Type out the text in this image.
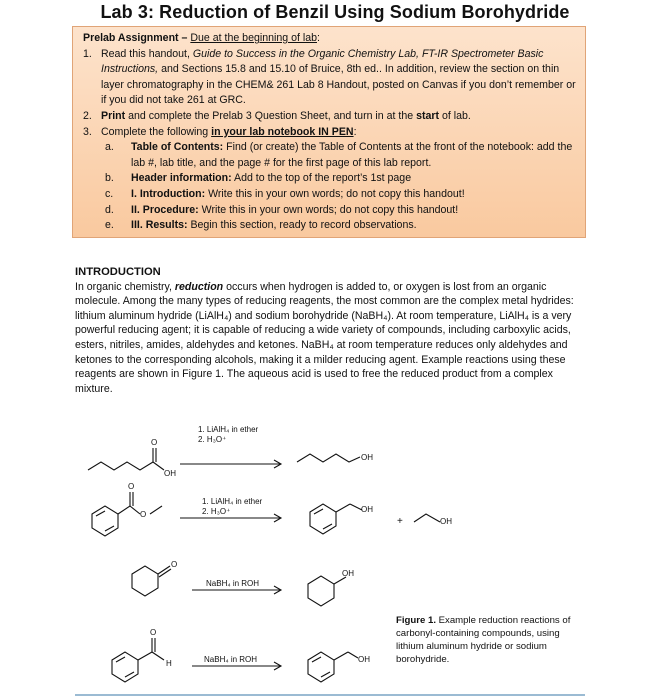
Lab 3: Reduction of Benzil Using Sodium Borohydride
Prelab Assignment – Due at the beginning of lab:
1. Read this handout, Guide to Success in the Organic Chemistry Lab, FT-IR Spectrometer Basic Instructions, and Sections 15.8 and 15.10 of Bruice, 8th ed.. In addition, review the section on thin layer chromatography in the CHEM& 261 Lab 8 Handout, posted on Canvas if you don’t remember or if you did not take 261 at GRC.
2. Print and complete the Prelab 3 Question Sheet, and turn in at the start of lab.
3. Complete the following in your lab notebook IN PEN:
a. Table of Contents: Find (or create) the Table of Contents at the front of the notebook: add the lab #, lab title, and the page # for the first page of this lab report.
b. Header information: Add to the top of the report’s 1st page
c. I. Introduction: Write this in your own words; do not copy this handout!
d. II. Procedure: Write this in your own words; do not copy this handout!
e. III. Results: Begin this section, ready to record observations.
INTRODUCTION
In organic chemistry, reduction occurs when hydrogen is added to, or oxygen is lost from an organic molecule. Among the many types of reducing reagents, the most common are the complex metal hydrides: lithium aluminum hydride (LiAlH₄) and sodium borohydride (NaBH₄). At room temperature, LiAlH₄ is a very powerful reducing agent; it is capable of reducing a wide variety of compounds, including carboxylic acids, esters, nitriles, amides, aldehydes and ketones. NaBH₄ at room temperature reduces only aldehydes and ketones to the corresponding alcohols, making it a milder reducing agent. Example reactions using these reagents are shown in Figure 1. The aqueous acid is used to free the reduced product from a complex mixture.
O
OH
1. LiAlH₄ in ether
2. H₃O⁺
OH
O
O
1. LiAlH₄ in ether
2. H₃O⁺	OH
+	OH
O
NaBH₄ in ROH
OH
O
H	NaBH₄ in ROH	OH
Figure 1. Example reduction reactions of carbonyl-containing compounds, using lithium aluminum hydride or sodium borohydride.
